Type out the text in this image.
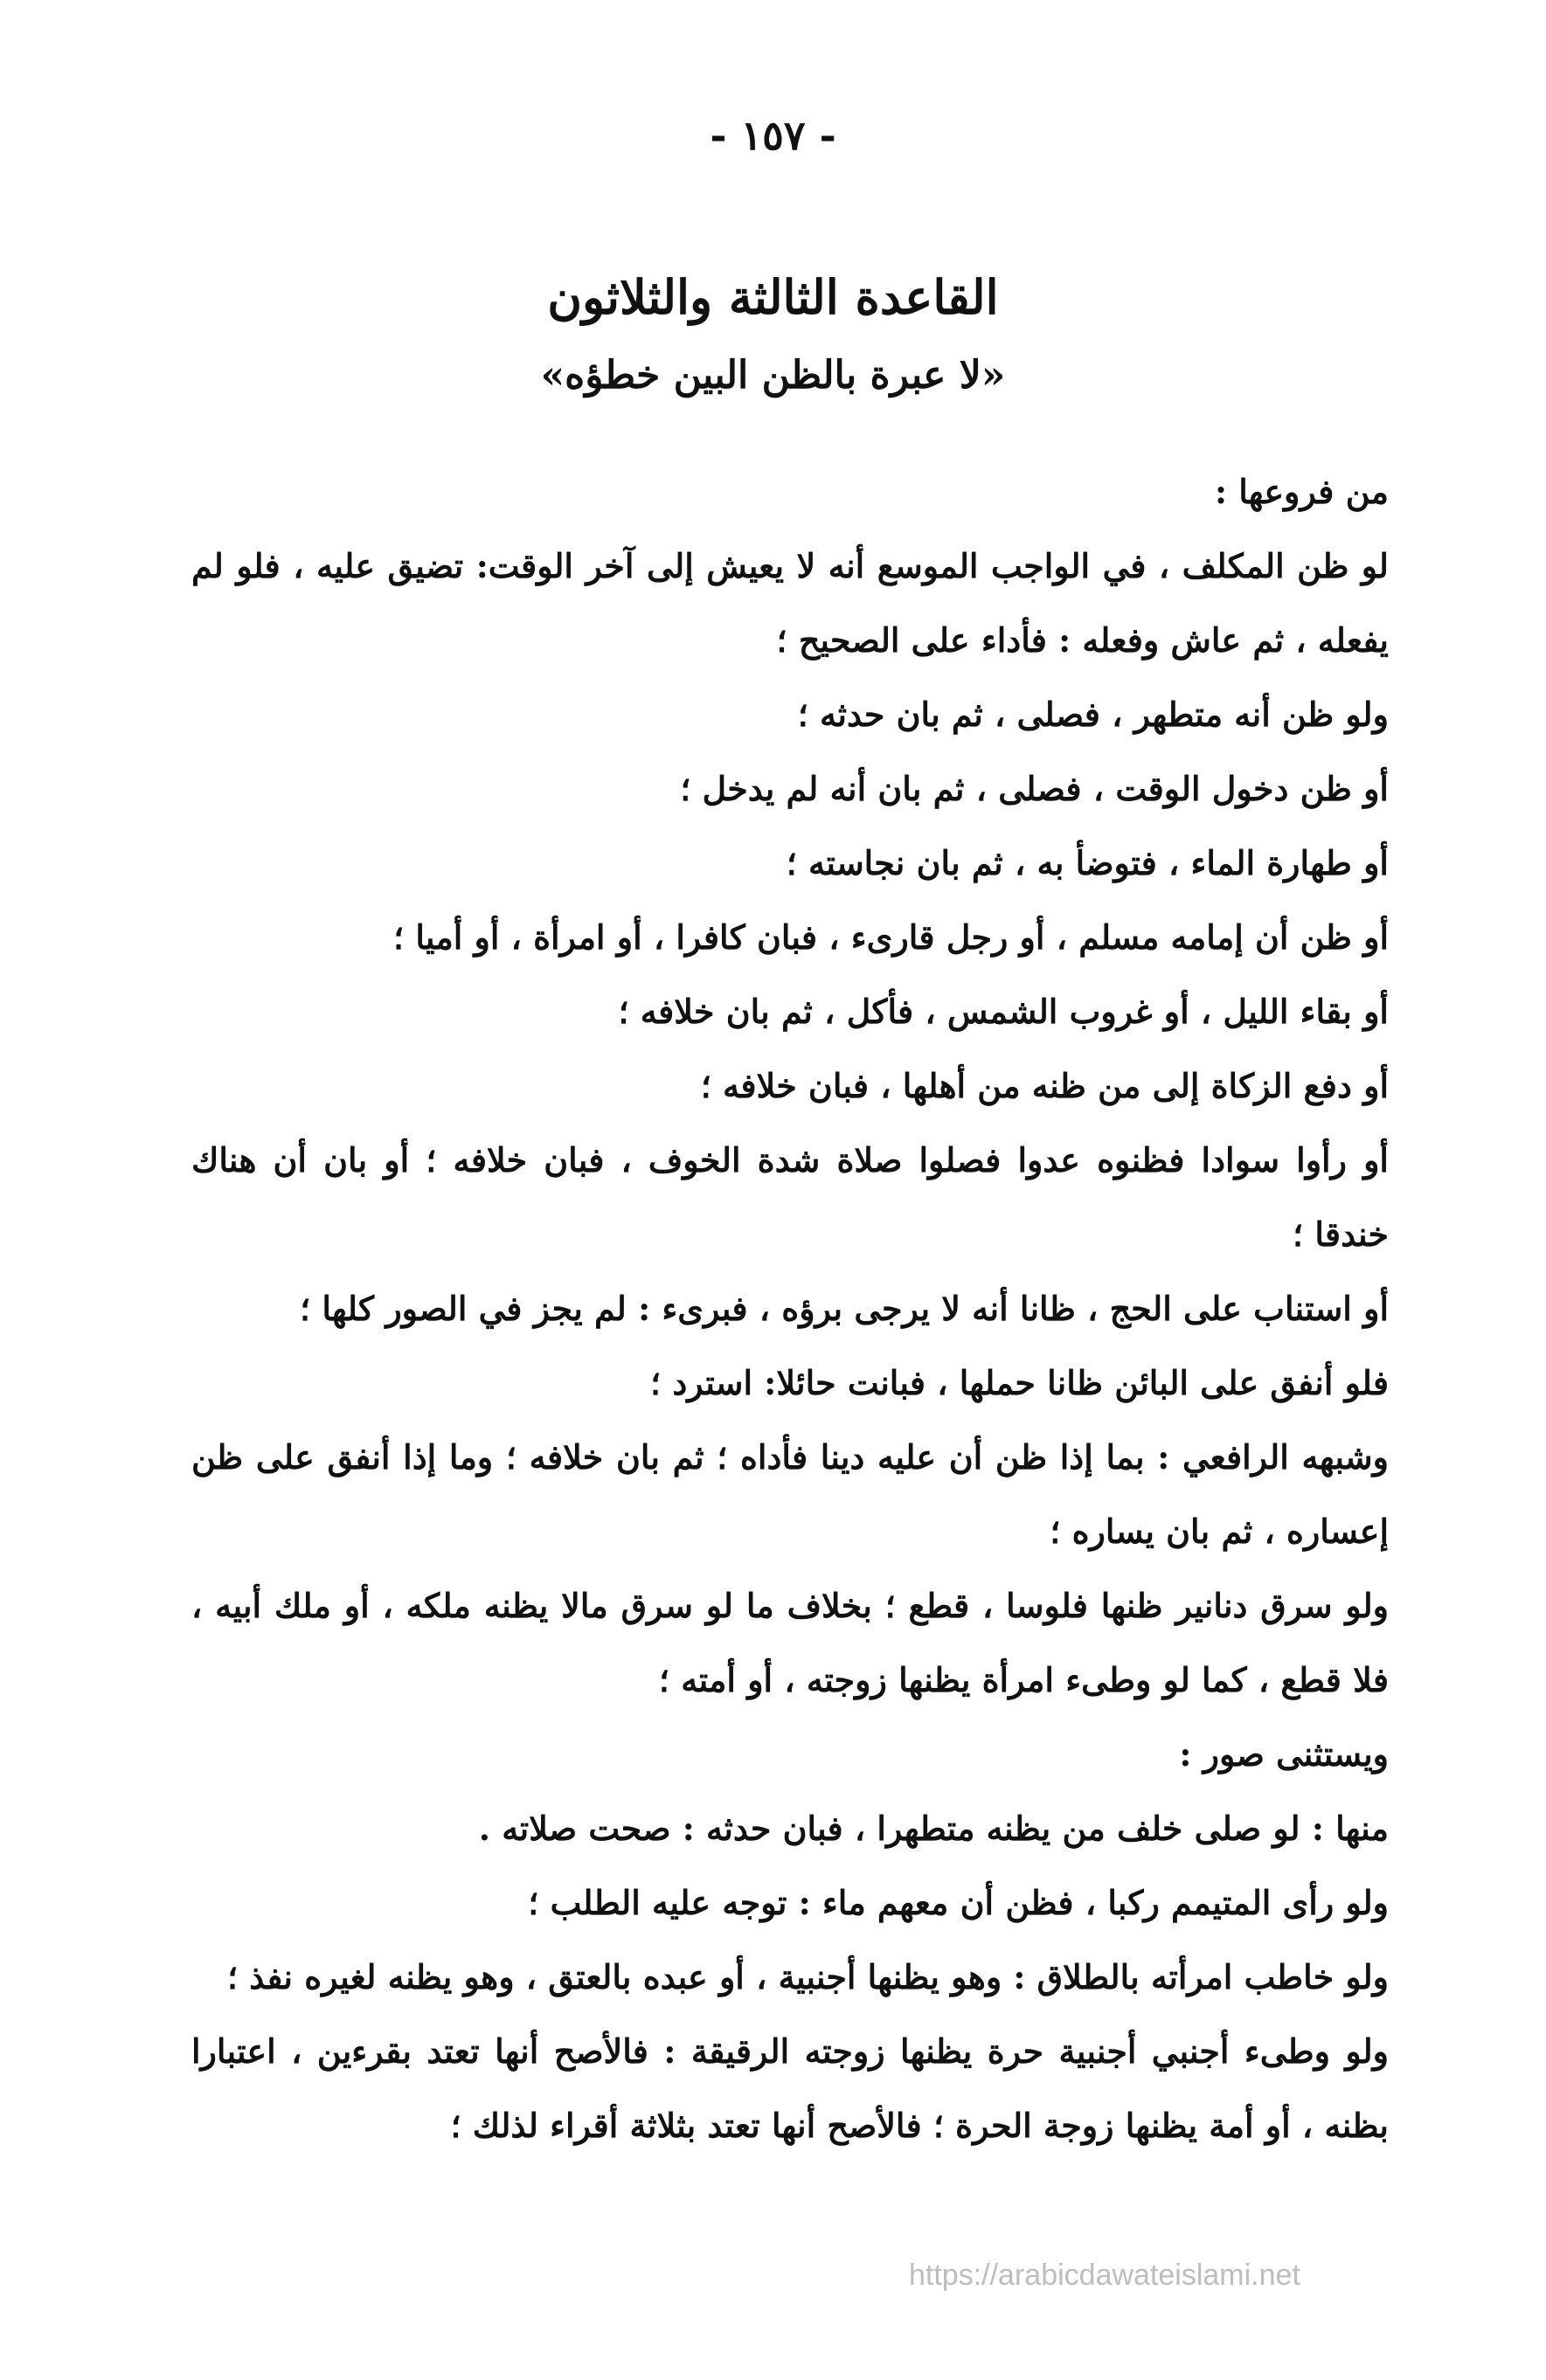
- ١٥٧ -
القاعدة الثالثة والثلاثون
«لا عبرة بالظن البين خطؤه»

من فروعها :

لو ظن المكلف ، في الواجب الموسع أنه لا يعيش إلى آخر الوقت: تضيق عليه ، فلو لم يفعله ، ثم عاش وفعله : فأداء على الصحيح ؛

ولو ظن أنه متطهر ، فصلى ، ثم بان حدثه ؛

أو ظن دخول الوقت ، فصلى ، ثم بان أنه لم يدخل ؛

أو طهارة الماء ، فتوضأ به ، ثم بان نجاسته ؛

أو ظن أن إمامه مسلم ، أو رجل قارىء ، فبان كافرا ، أو امرأة ، أو أميا ؛

أو بقاء الليل ، أو غروب الشمس ، فأكل ، ثم بان خلافه ؛

أو دفع الزكاة إلى من ظنه من أهلها ، فبان خلافه ؛

أو رأوا سوادا فظنوه عدوا فصلوا صلاة شدة الخوف ، فبان خلافه ؛ أو بان أن هناك خندقا ؛

أو استناب على الحج ، ظانا أنه لا يرجى برؤه ، فبرىء : لم يجز في الصور كلها ؛

فلو أنفق على البائن ظانا حملها ، فبانت حائلا: استرد ؛

وشبهه الرافعي : بما إذا ظن أن عليه دينا فأداه ؛ ثم بان خلافه ؛ وما إذا أنفق على ظن إعساره ، ثم بان يساره ؛

ولو سرق دنانير ظنها فلوسا ، قطع ؛ بخلاف ما لو سرق مالا يظنه ملكه ، أو ملك أبيه ، فلا قطع ، كما لو وطىء امرأة يظنها زوجته ، أو أمته ؛

ويستثنى صور :

منها : لو صلى خلف من يظنه متطهرا ، فبان حدثه : صحت صلاته .

ولو رأى المتيمم ركبا ، فظن أن معهم ماء : توجه عليه الطلب ؛

ولو خاطب امرأته بالطلاق : وهو يظنها أجنبية ، أو عبده بالعتق ، وهو يظنه لغيره نفذ ؛

ولو وطىء أجنبي أجنبية حرة يظنها زوجته الرقيقة : فالأصح أنها تعتد بقرءين ، اعتبارا بظنه ، أو أمة يظنها زوجة الحرة ؛ فالأصح أنها تعتد بثلاثة أقراء لذلك ؛

https://arabicdawateislami.net
